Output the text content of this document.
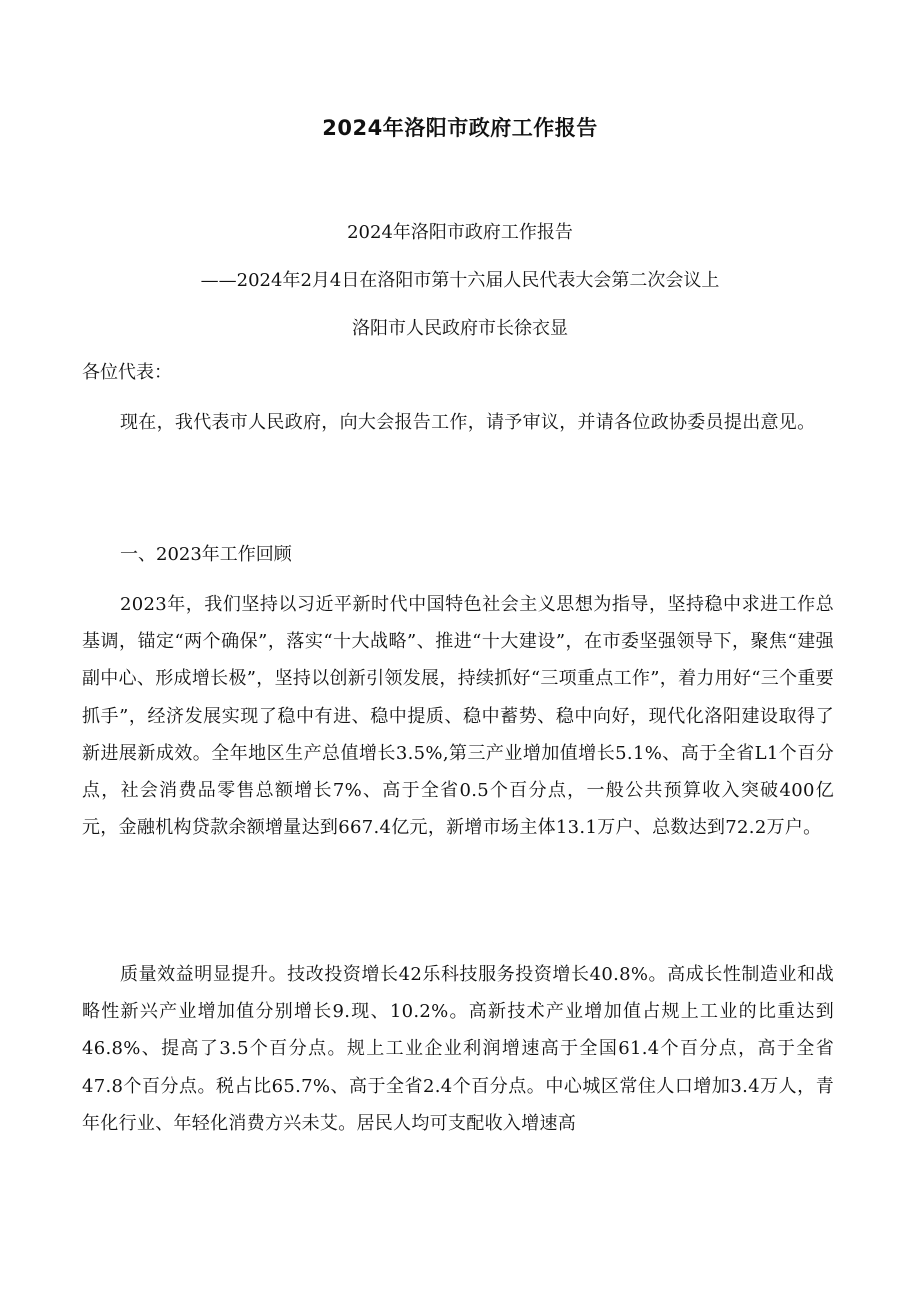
2024年洛阳市政府工作报告

2024年洛阳市政府工作报告

——2024年2月4日在洛阳市第十六届人民代表大会第二次会议上

洛阳市人民政府市长徐衣显

各位代表：

现在，我代表市人民政府，向大会报告工作，请予审议，并请各位政协委员提出意见。

一、2023年工作回顾

2023年，我们坚持以习近平新时代中国特色社会主义思想为指导，坚持稳中求进工作总基调，锚定“两个确保”，落实“十大战略”、推进“十大建设”，在市委坚强领导下，聚焦“建强副中心、形成增长极”，坚持以创新引领发展，持续抓好“三项重点工作”，着力用好“三个重要抓手”，经济发展实现了稳中有进、稳中提质、稳中蓄势、稳中向好，现代化洛阳建设取得了新进展新成效。全年地区生产总值增长3.5%,第三产业增加值增长5.1%、高于全省L1个百分点，社会消费品零售总额增长7%、高于全省0.5个百分点，一般公共预算收入突破400亿元，金融机构贷款余额增量达到667.4亿元，新增市场主体13.1万户、总数达到72.2万户。

质量效益明显提升。技改投资增长42乐科技服务投资增长40.8%。高成长性制造业和战略性新兴产业增加值分别增长9.现、10.2%。高新技术产业增加值占规上工业的比重达到46.8%、提高了3.5个百分点。规上工业企业利润增速高于全国61.4个百分点，高于全省47.8个百分点。税占比65.7%、高于全省2.4个百分点。中心城区常住人口增加3.4万人，青年化行业、年轻化消费方兴未艾。居民人均可支配收入增速高
